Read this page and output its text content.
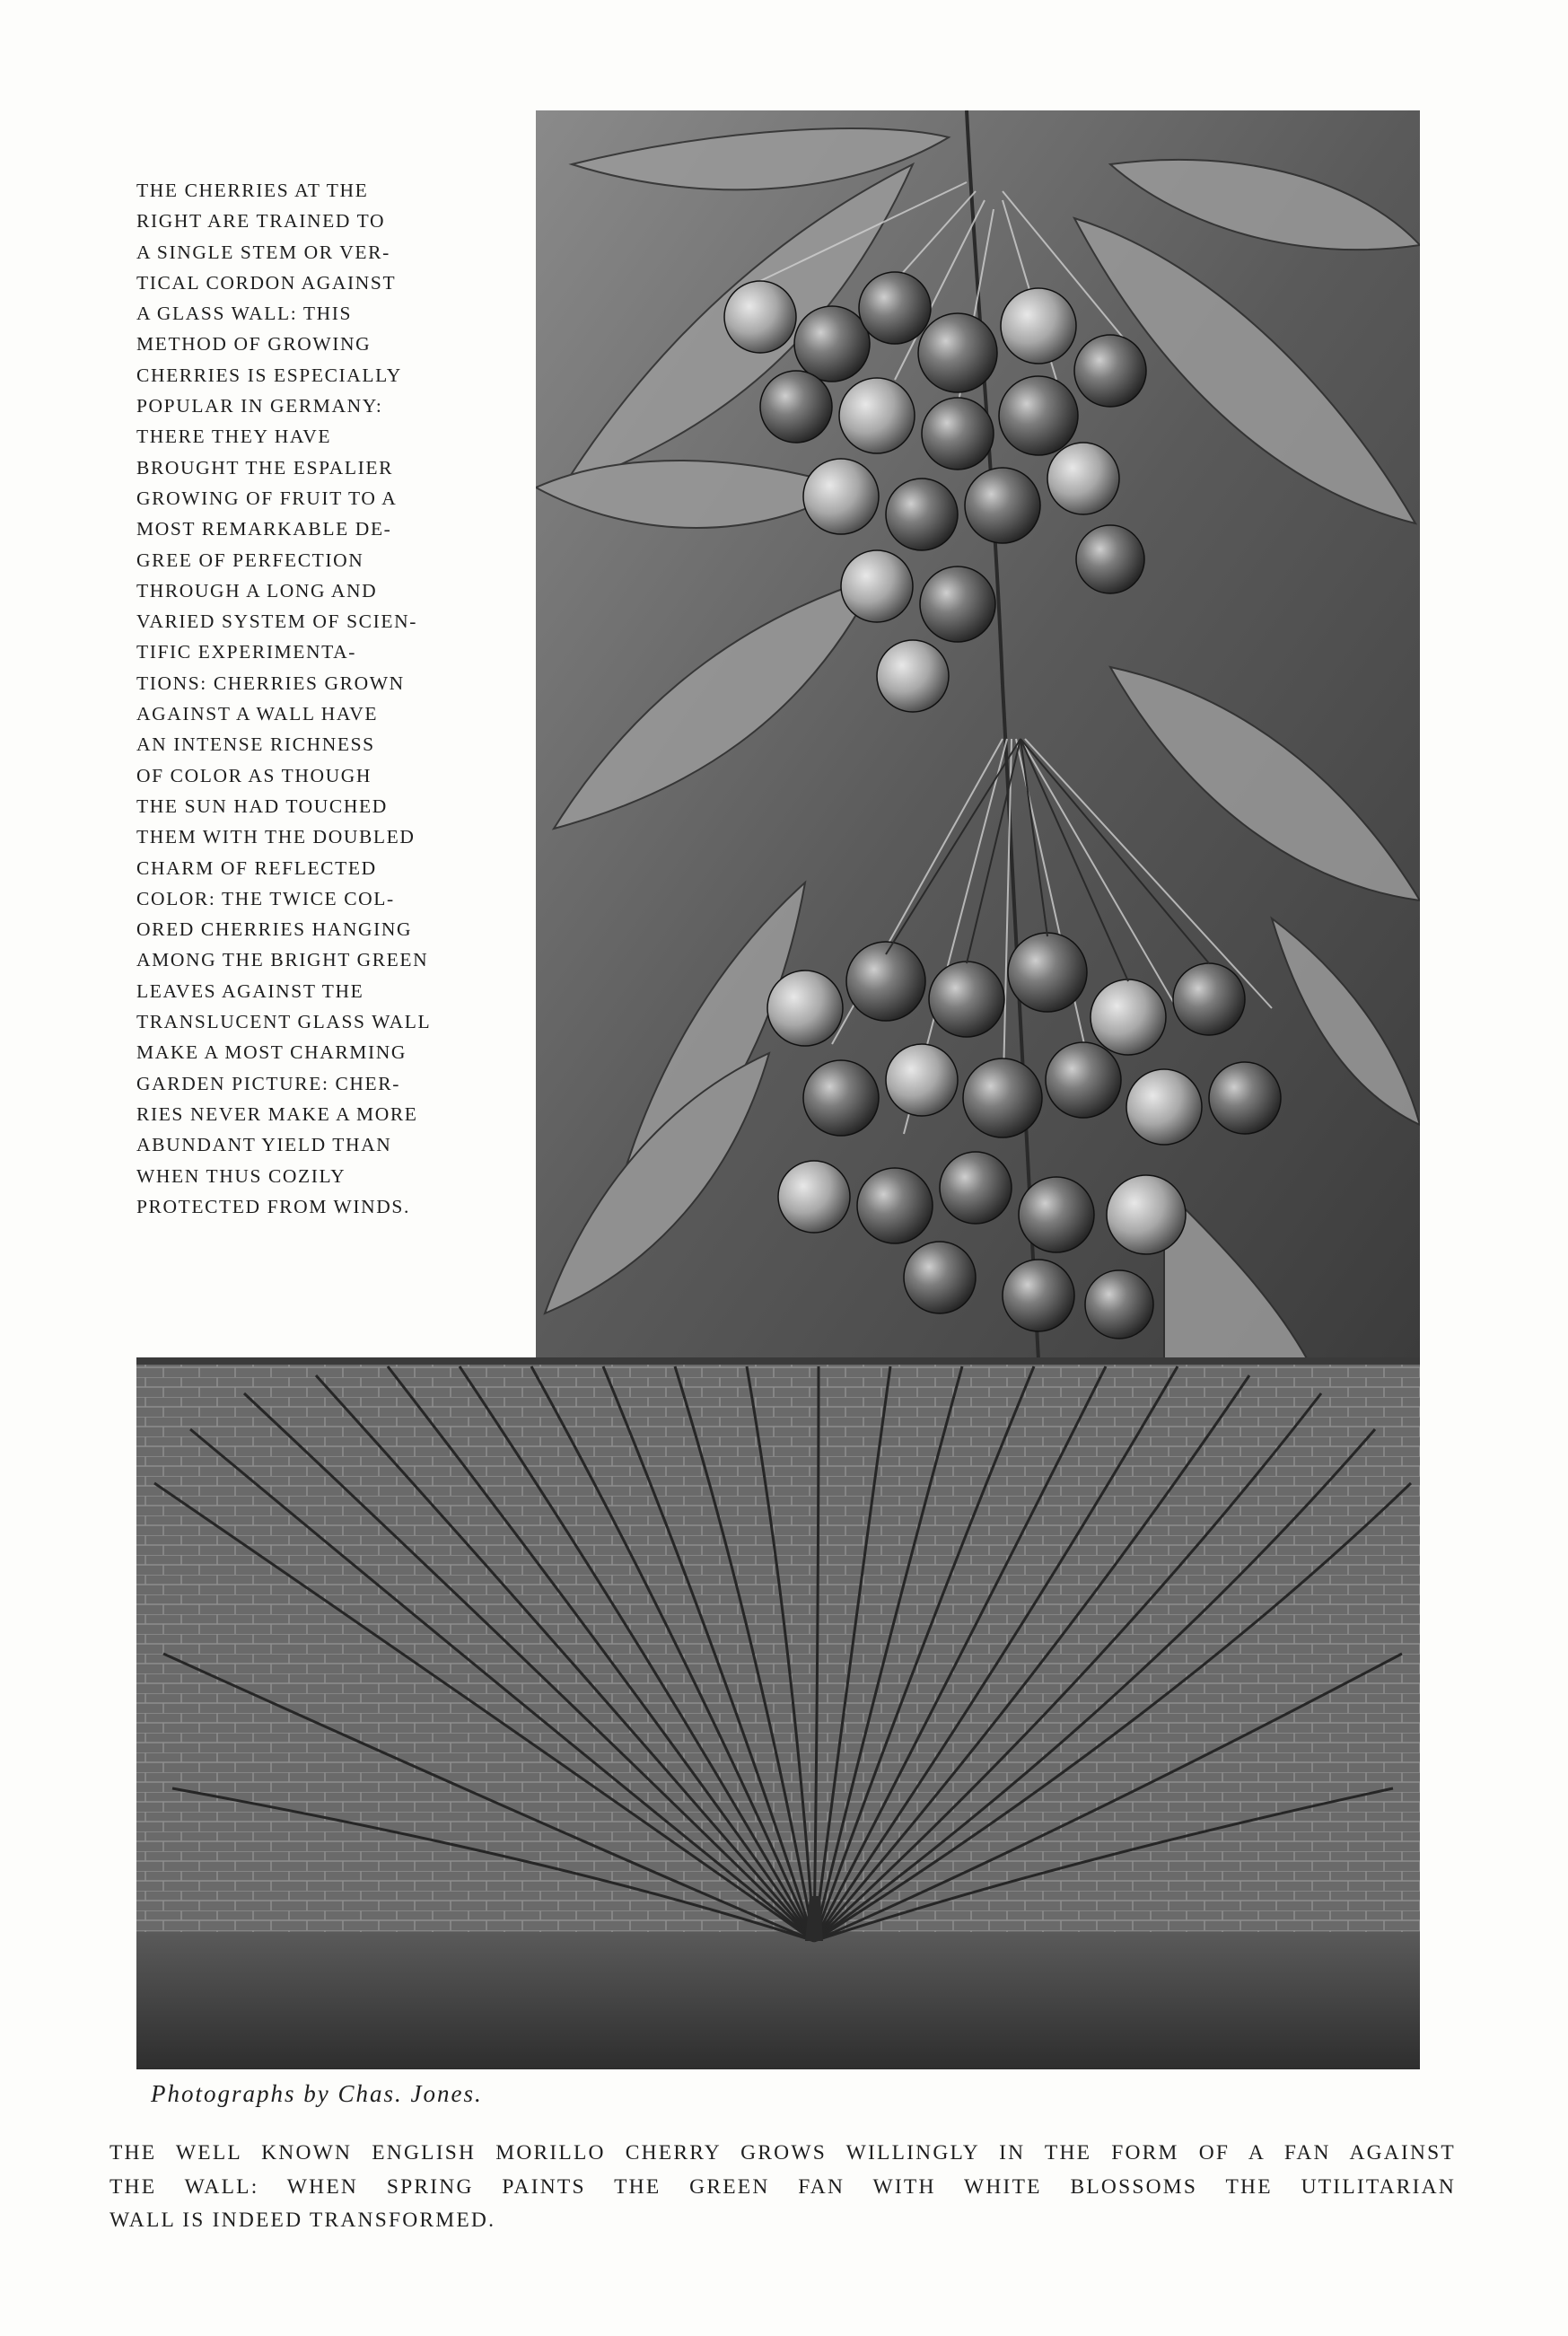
THE CHERRIES AT THE
RIGHT ARE TRAINED TO
A SINGLE STEM OR VER-
TICAL CORDON AGAINST
A GLASS WALL: THIS
METHOD OF GROWING
CHERRIES IS ESPECIALLY
POPULAR IN GERMANY:
THERE THEY HAVE
BROUGHT THE ESPALIER
GROWING OF FRUIT TO A
MOST REMARKABLE DE-
GREE OF PERFECTION
THROUGH A LONG AND
VARIED SYSTEM OF SCIEN-
TIFIC EXPERIMENTA-
TIONS: CHERRIES GROWN
AGAINST A WALL HAVE
AN INTENSE RICHNESS
OF COLOR AS THOUGH
THE SUN HAD TOUCHED
THEM WITH THE DOUBLED
CHARM OF REFLECTED
COLOR: THE TWICE COL-
ORED CHERRIES HANGING
AMONG THE BRIGHT GREEN
LEAVES AGAINST THE
TRANSLUCENT GLASS WALL
MAKE A MOST CHARMING
GARDEN PICTURE: CHER-
RIES NEVER MAKE A MORE
ABUNDANT YIELD THAN
WHEN THUS COZILY
PROTECTED FROM WINDS.
Photographs by Chas. Jones.
THE WELL KNOWN ENGLISH MORILLO CHERRY GROWS WILLINGLY IN THE FORM OF A FAN AGAINST
THE WALL: WHEN SPRING PAINTS THE GREEN FAN WITH WHITE BLOSSOMS THE UTILITARIAN
WALL IS INDEED TRANSFORMED.
